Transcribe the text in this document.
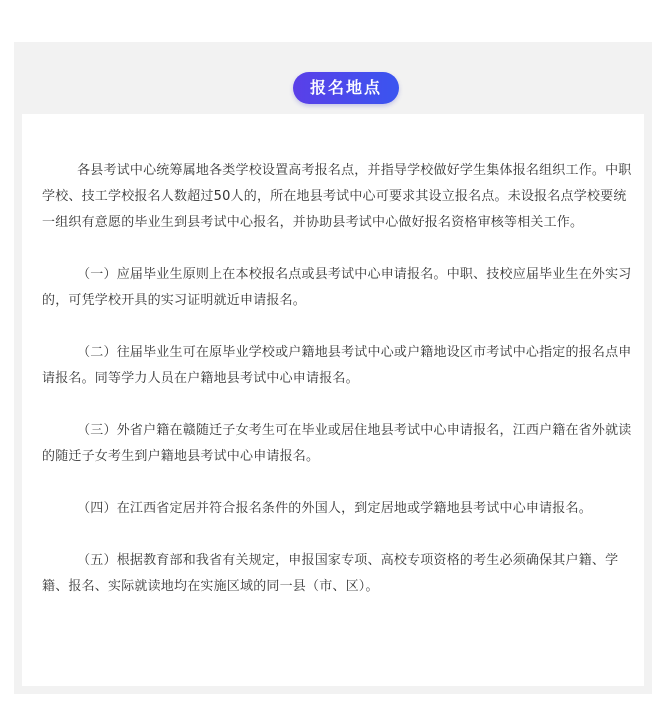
报名地点

各县考试中心统筹属地各类学校设置高考报名点，并指导学校做好学生集体报名组织工作。中职学校、技工学校报名人数超过50人的，所在地县考试中心可要求其设立报名点。未设报名点学校要统一组织有意愿的毕业生到县考试中心报名，并协助县考试中心做好报名资格审核等相关工作。

（一）应届毕业生原则上在本校报名点或县考试中心申请报名。中职、技校应届毕业生在外实习的，可凭学校开具的实习证明就近申请报名。

（二）往届毕业生可在原毕业学校或户籍地县考试中心或户籍地设区市考试中心指定的报名点申请报名。同等学力人员在户籍地县考试中心申请报名。

（三）外省户籍在赣随迁子女考生可在毕业或居住地县考试中心申请报名，江西户籍在省外就读的随迁子女考生到户籍地县考试中心申请报名。

（四）在江西省定居并符合报名条件的外国人，到定居地或学籍地县考试中心申请报名。

（五）根据教育部和我省有关规定，申报国家专项、高校专项资格的考生必须确保其户籍、学籍、报名、实际就读地均在实施区域的同一县（市、区）。
